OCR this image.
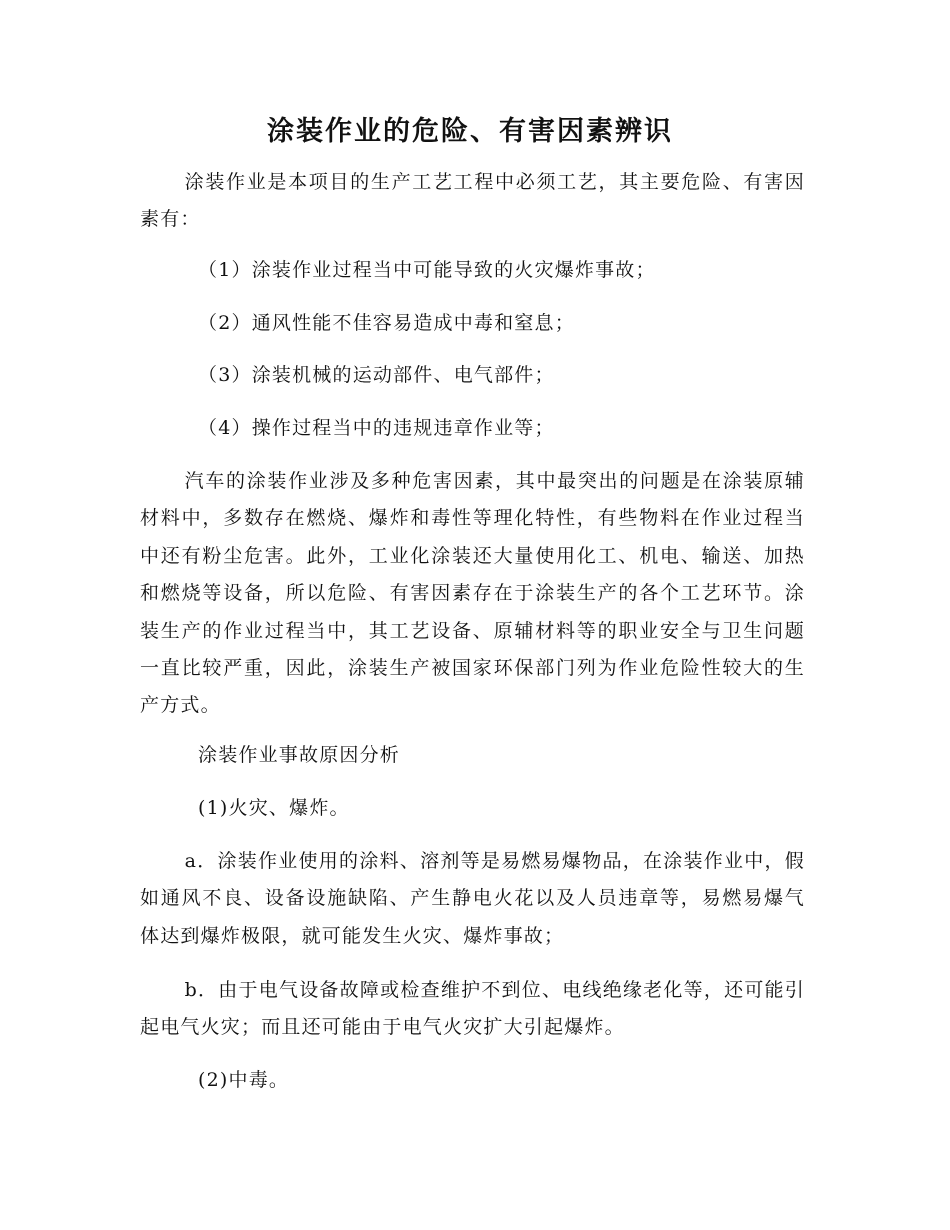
涂装作业的危险、有害因素辨识

涂装作业是本项目的生产工艺工程中必须工艺，其主要危险、有害因素有：

（1）涂装作业过程当中可能导致的火灾爆炸事故；

（2）通风性能不佳容易造成中毒和窒息；

（3）涂装机械的运动部件、电气部件；

（4）操作过程当中的违规违章作业等；

汽车的涂装作业涉及多种危害因素，其中最突出的问题是在涂装原辅材料中，多数存在燃烧、爆炸和毒性等理化特性，有些物料在作业过程当中还有粉尘危害。此外，工业化涂装还大量使用化工、机电、输送、加热和燃烧等设备，所以危险、有害因素存在于涂装生产的各个工艺环节。涂装生产的作业过程当中，其工艺设备、原辅材料等的职业安全与卫生问题一直比较严重，因此，涂装生产被国家环保部门列为作业危险性较大的生产方式。

涂装作业事故原因分析

(1)火灾、爆炸。

a．涂装作业使用的涂料、溶剂等是易燃易爆物品，在涂装作业中，假如通风不良、设备设施缺陷、产生静电火花以及人员违章等，易燃易爆气体达到爆炸极限，就可能发生火灾、爆炸事故；

b．由于电气设备故障或检查维护不到位、电线绝缘老化等，还可能引起电气火灾；而且还可能由于电气火灾扩大引起爆炸。

(2)中毒。
